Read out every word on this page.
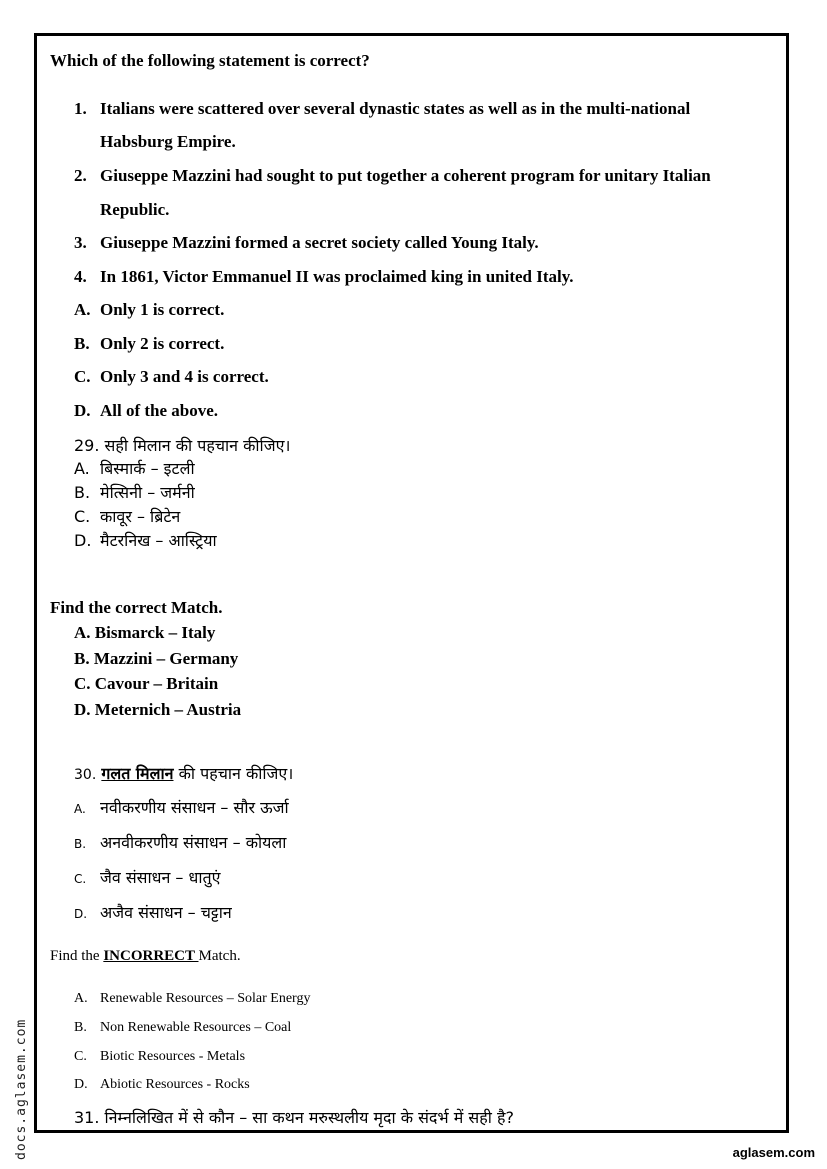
Which of the following statement is correct?
1. Italians were scattered over several dynastic states as well as in the multi-national
Habsburg Empire.
2. Giuseppe Mazzini had sought to put together a coherent program for unitary Italian
Republic.
3. Giuseppe Mazzini formed a secret society called Young Italy.
4. In 1861, Victor Emmanuel II was proclaimed king in united Italy.
A. Only 1 is correct.
B. Only 2 is correct.
C. Only 3 and 4 is correct.
D. All of the above.
29. सही मिलान की पहचान कीजिए।
A. बिस्मार्क – इटली
B. मेत्सिनी – जर्मनी
C. कावूर – ब्रिटेन
D. मैटरनिख – आस्ट्रिया
Find the correct Match.
A. Bismarck – Italy
B. Mazzini – Germany
C. Cavour – Britain
D. Meternich – Austria
30. गलत मिलान की पहचान कीजिए।
A. नवीकरणीय संसाधन – सौर ऊर्जा
B. अनवीकरणीय संसाधन – कोयला
C. जैव संसाधन – धातुएं
D. अजैव संसाधन – चट्टान
Find the INCORRECT Match.
A. Renewable Resources – Solar Energy
B. Non Renewable Resources – Coal
C. Biotic Resources - Metals
D. Abiotic Resources - Rocks
31. निम्नलिखित में से कौन – सा कथन मरुस्थलीय मृदा के संदर्भ में सही है?
docs.aglasem.com	aglasem.com
